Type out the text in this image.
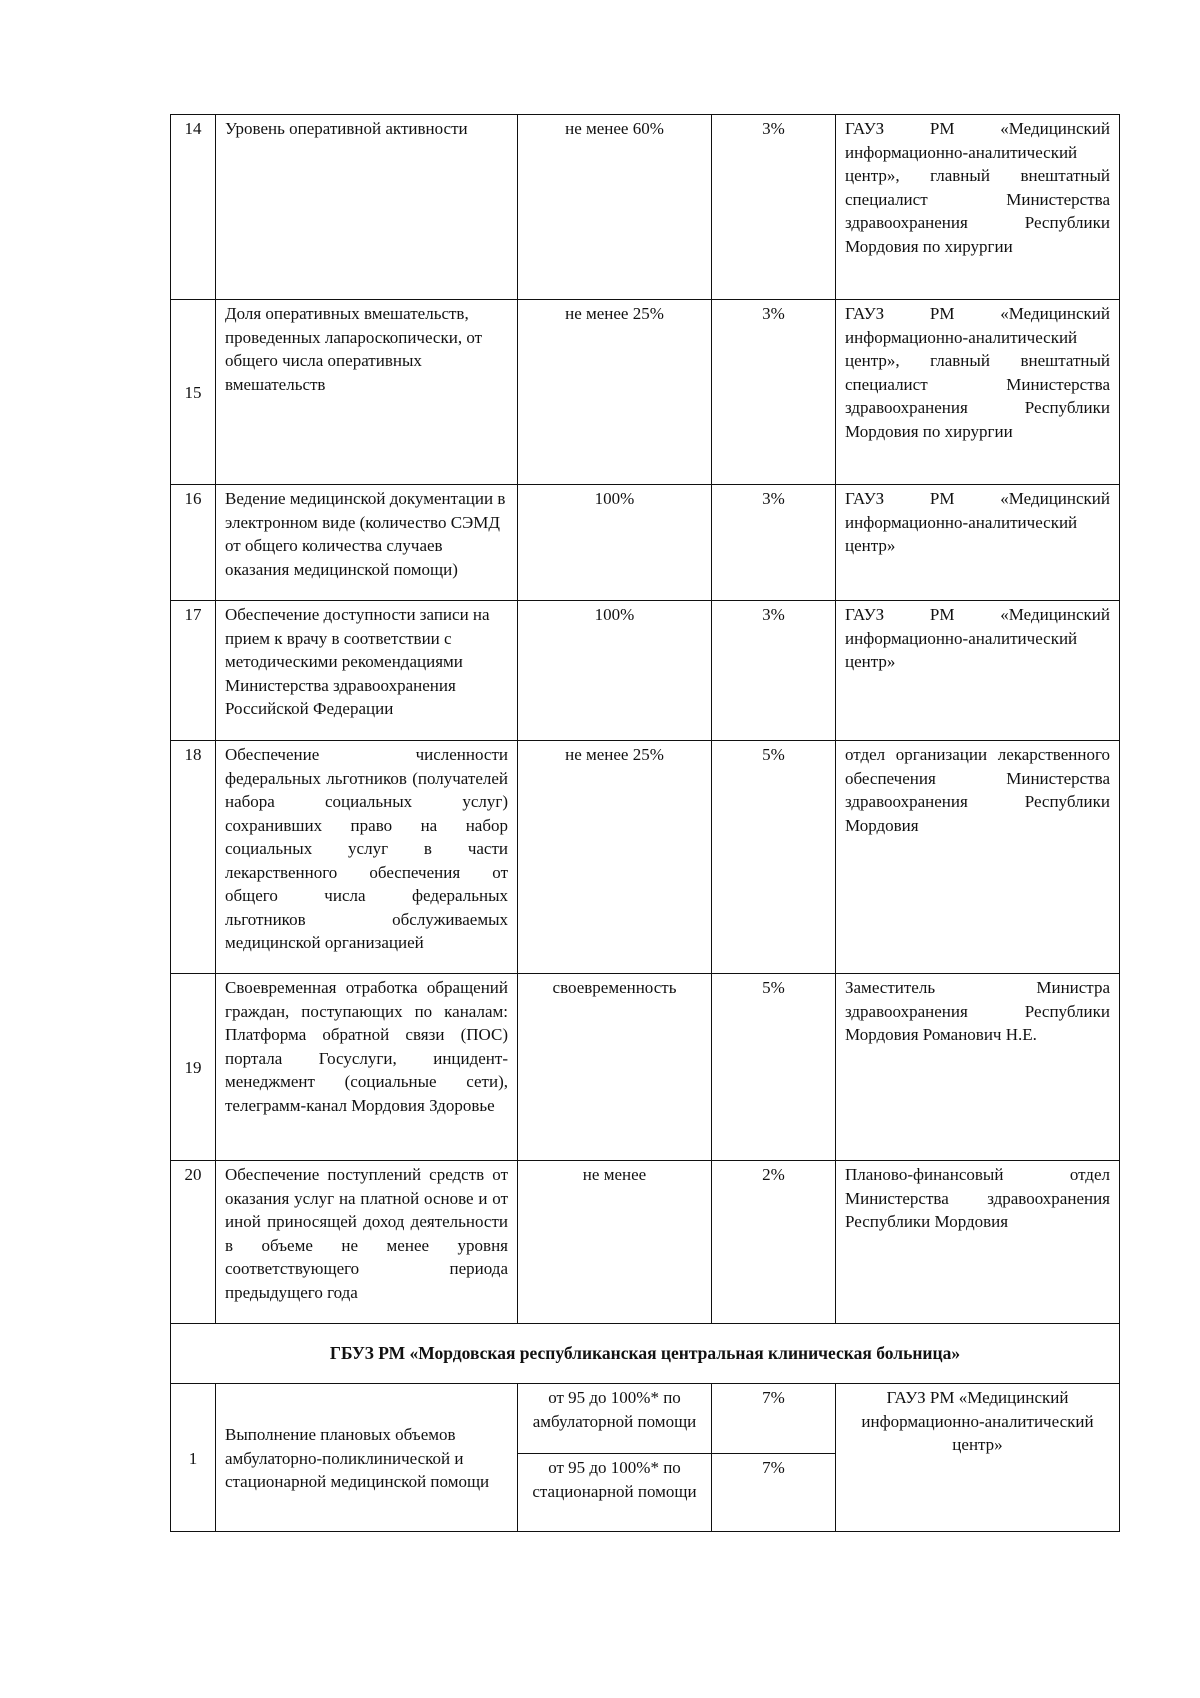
14	Уровень оперативной активности	не менее 60%	3%	ГАУЗ РМ «Медицинский информационно-аналитический центр», главный внештатный специалист Министерства здравоохранения Республики Мордовия по хирургии
15	Доля оперативных вмешательств, проведенных лапароскопически, от общего числа оперативных вмешательств	не менее 25%	3%	ГАУЗ РМ «Медицинский информационно-аналитический центр», главный внештатный специалист Министерства здравоохранения Республики Мордовия по хирургии
16	Ведение медицинской документации в электронном виде (количество СЭМД от общего количества случаев оказания медицинской помощи)	100%	3%	ГАУЗ РМ «Медицинский информационно-аналитический центр»
17	Обеспечение доступности записи на прием к врачу в соответствии с методическими рекомендациями Министерства здравоохранения Российской Федерации	100%	3%	ГАУЗ РМ «Медицинский информационно-аналитический центр»
18	Обеспечение численности федеральных льготников (получателей набора социальных услуг) сохранивших право на набор социальных услуг в части лекарственного обеспечения от общего числа федеральных льготников обслуживаемых медицинской организацией	не менее 25%	5%	отдел организации лекарственного обеспечения Министерства здравоохранения Республики Мордовия
19	Своевременная отработка обращений граждан, поступающих по каналам: Платформа обратной связи (ПОС) портала Госуслуги, инцидент-менеджмент (социальные сети), телеграмм-канал Мордовия Здоровье	своевременность	5%	Заместитель Министра здравоохранения Республики Мордовия Романович Н.Е.
20	Обеспечение поступлений средств от оказания услуг на платной основе и от иной приносящей доход деятельности в объеме не менее уровня соответствующего периода предыдущего года	не менее	2%	Планово-финансовый отдел Министерства здравоохранения Республики Мордовия
ГБУЗ РМ «Мордовская республиканская центральная клиническая больница»				
1	Выполнение плановых объемов амбулаторно-поликлинической и стационарной медицинской помощи	от 95 до 100%* по амбулаторной помощи	7%	ГАУЗ РМ «Медицинский информационно-аналитический центр»
		от 95 до 100%* по стационарной помощи	7%	
